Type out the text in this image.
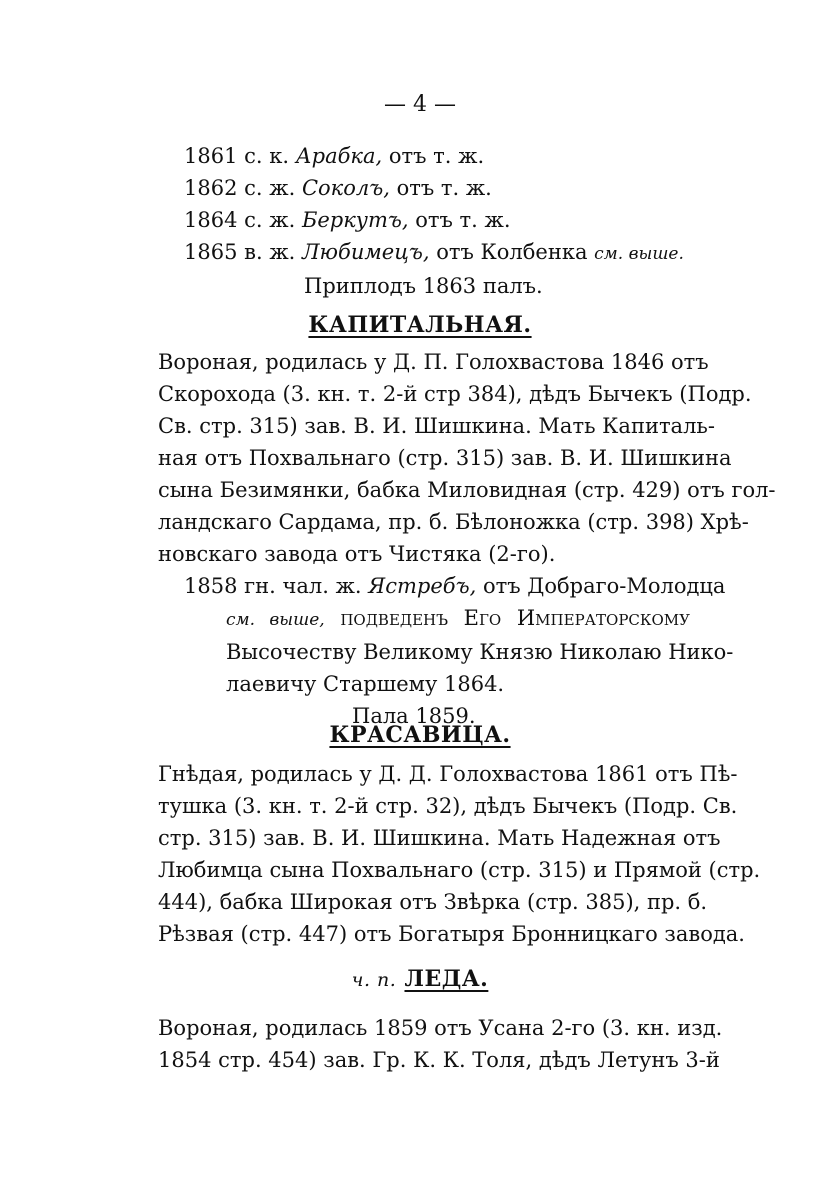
— 4 —
1861 с. к. Арабка, отъ т. ж.
1862 с. ж. Соколъ, отъ т. ж.
1864 с. ж. Беркутъ, отъ т. ж.
1865 в. ж. Любимецъ, отъ Колбенка см. выше.
Приплодъ 1863 палъ.
КАПИТАЛЬНАЯ.
Вороная, родилась у Д. П. Голохвастова 1846 отъ
Скорохода (3. кн. т. 2-й стр 384), дѣдъ Бычекъ (Подр.
Св. стр. 315) зав. В. И. Шишкина. Мать Капиталь-
ная отъ Похвальнаго (стр. 315) зав. В. И. Шишкина
сына Безимянки, бабка Миловидная (стр. 429) отъ гол-
ландскаго Сардама, пр. б. Бѣлоножка (стр. 398) Хрѣ-
новскаго завода отъ Чистяка (2-го).
1858 гн. чал. ж. Ястребъ, отъ Добраго-Молодца
см. выше, подведенъ Его Императорскому
Высочеству Великому Князю Николаю Нико-
лаевичу Старшему 1864.
Пала 1859.
КРАСАВИЦА.
Гнѣдая, родилась у Д. Д. Голохвастова 1861 отъ Пѣ-
тушка (3. кн. т. 2-й стр. 32), дѣдъ Бычекъ (Подр. Св.
стр. 315) зав. В. И. Шишкина. Мать Надежная отъ
Любимца сына Похвальнаго (стр. 315) и Прямой (стр.
444), бабка Широкая отъ Звѣрка (стр. 385), пр. б.
Рѣзвая (стр. 447) отъ Богатыря Бронницкаго завода.
ч. п. ЛЕДА.
Вороная, родилась 1859 отъ Усана 2-го (3. кн. изд.
1854 стр. 454) зав. Гр. К. К. Толя, дѣдъ Летунъ 3-й
